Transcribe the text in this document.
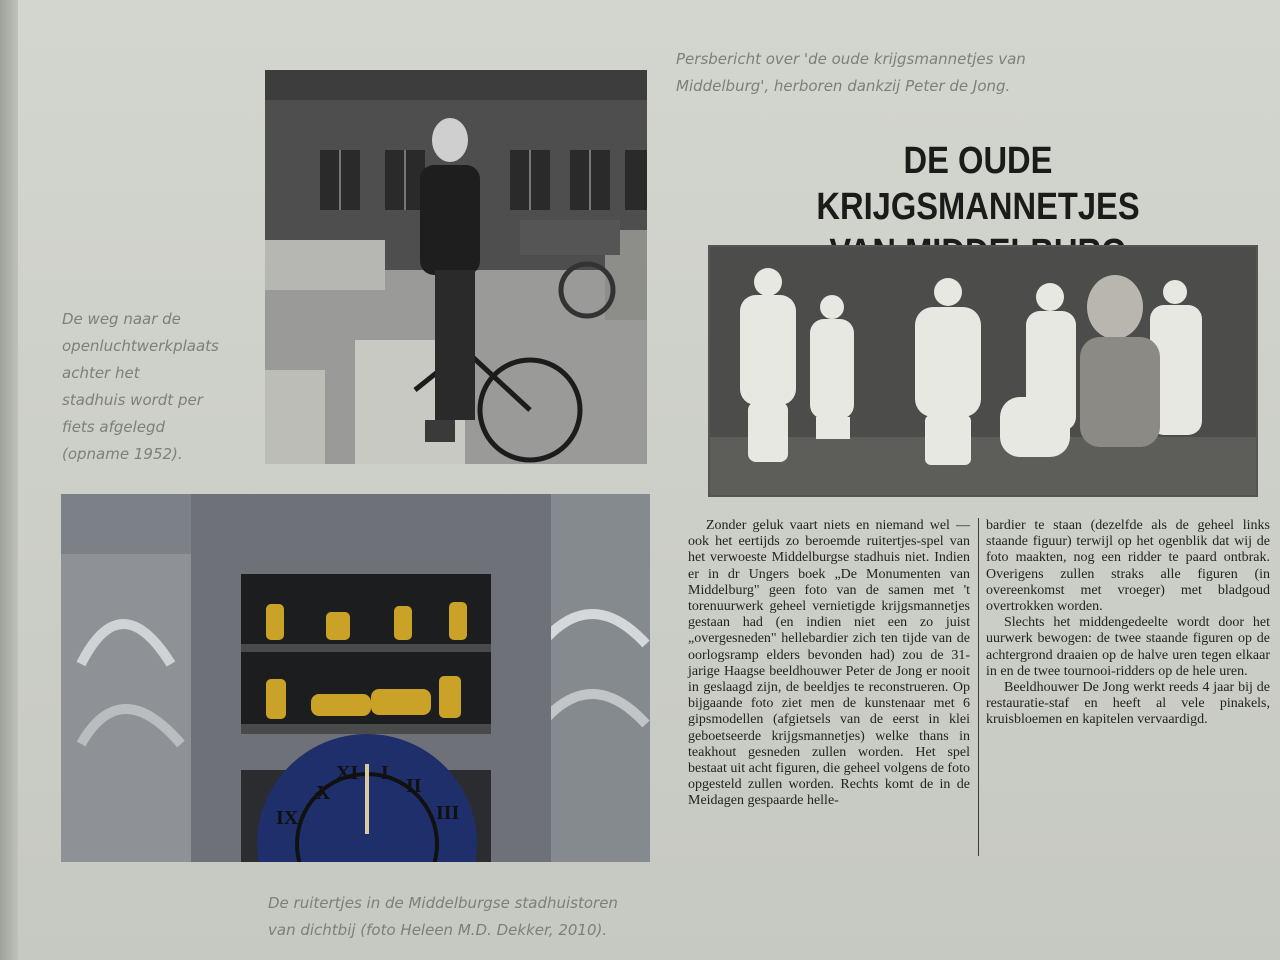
Persbericht over 'de oude krijgsmannetjes van
Middelburg', herboren dankzij Peter de Jong.

De weg naar de
openluchtwerkplaats
achter het
stadhuis wordt per
fiets afgelegd
(opname 1952).

X
XI I
II
III
IX

De ruitertjes in de Middelburgse stadhuistoren
van dichtbij (foto Heleen M.D. Dekker, 2010).

DE OUDE KRIJGSMANNETJES

Zonder geluk vaart niets en niemand wel — ook het eertijds zo beroemde ruitertjes-spel van het verwoeste Middelburgse stadhuis niet. Indien er in dr Ungers boek „De Monumenten van Middelburg" geen foto van de samen met 't torenuurwerk geheel vernietigde krijgsmannetjes gestaan had (en indien niet een zo juist „overgesneden" hellebardier zich ten tijde van de oorlogsramp elders bevonden had) zou de 31-jarige Haagse beeldhouwer Peter de Jong er nooit in geslaagd zijn, de beeldjes te reconstrueren. Op bijgaande foto ziet men de kunstenaar met 6 gipsmodellen (afgietsels van de eerst in klei geboetseerde krijgsmannetjes) welke thans in teakhout gesneden zullen worden. Het spel bestaat uit acht figuren, die geheel volgens de foto opgesteld zullen worden. Rechts komt de in de Meidagen gespaarde helle-
bardier te staan (dezelfde als de geheel links staande figuur) terwijl op het ogenblik dat wij de foto maakten, nog een ridder te paard ontbrak. Overigens zullen straks alle figuren (in overeenkomst met vroeger) met bladgoud overtrokken worden.
Slechts het middengedeelte wordt door het uurwerk bewogen: de twee staande figuren op de achtergrond draaien op de halve uren tegen elkaar in en de twee tournooi-ridders op de hele uren.
Beeldhouwer De Jong werkt reeds 4 jaar bij de restauratie-staf en heeft al vele pinakels, kruisbloemen en kapitelen vervaardigd.
